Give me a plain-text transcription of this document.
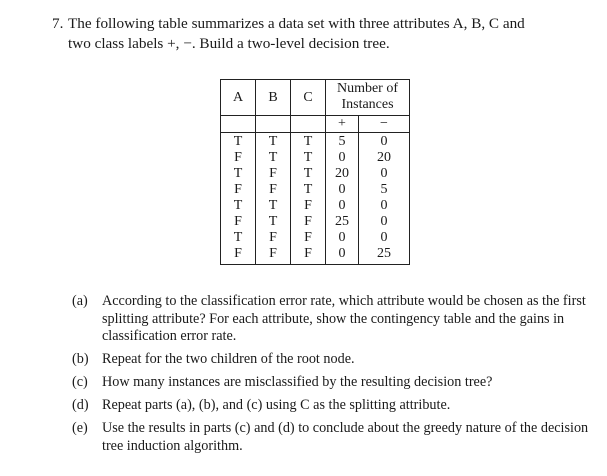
7. The following table summarizes a data set with three attributes A, B, C and
two class labels +, −. Build a two-level decision tree.
A	B	C	Number of	
			Instances	
			+	−

T	T	T	5	0
F	T	T	0	20
T	F	T	20	0
F	F	T	0	5
T	T	F	0	0
F	T	F	25	0
T	F	F	0	0
F	F	F	0	25
(a)	According to the classification error rate, which attribute would be chosen as the first splitting attribute? For each attribute, show the contingency table and the gains in classification error rate.
(b) Repeat for the two children of the root node.
(c)	How many instances are misclassified by the resulting decision tree?
(d) Repeat parts (a), (b), and (c) using C as the splitting attribute.
(e)	Use the results in parts (c) and (d) to conclude about the greedy nature of the decision tree induction algorithm.
